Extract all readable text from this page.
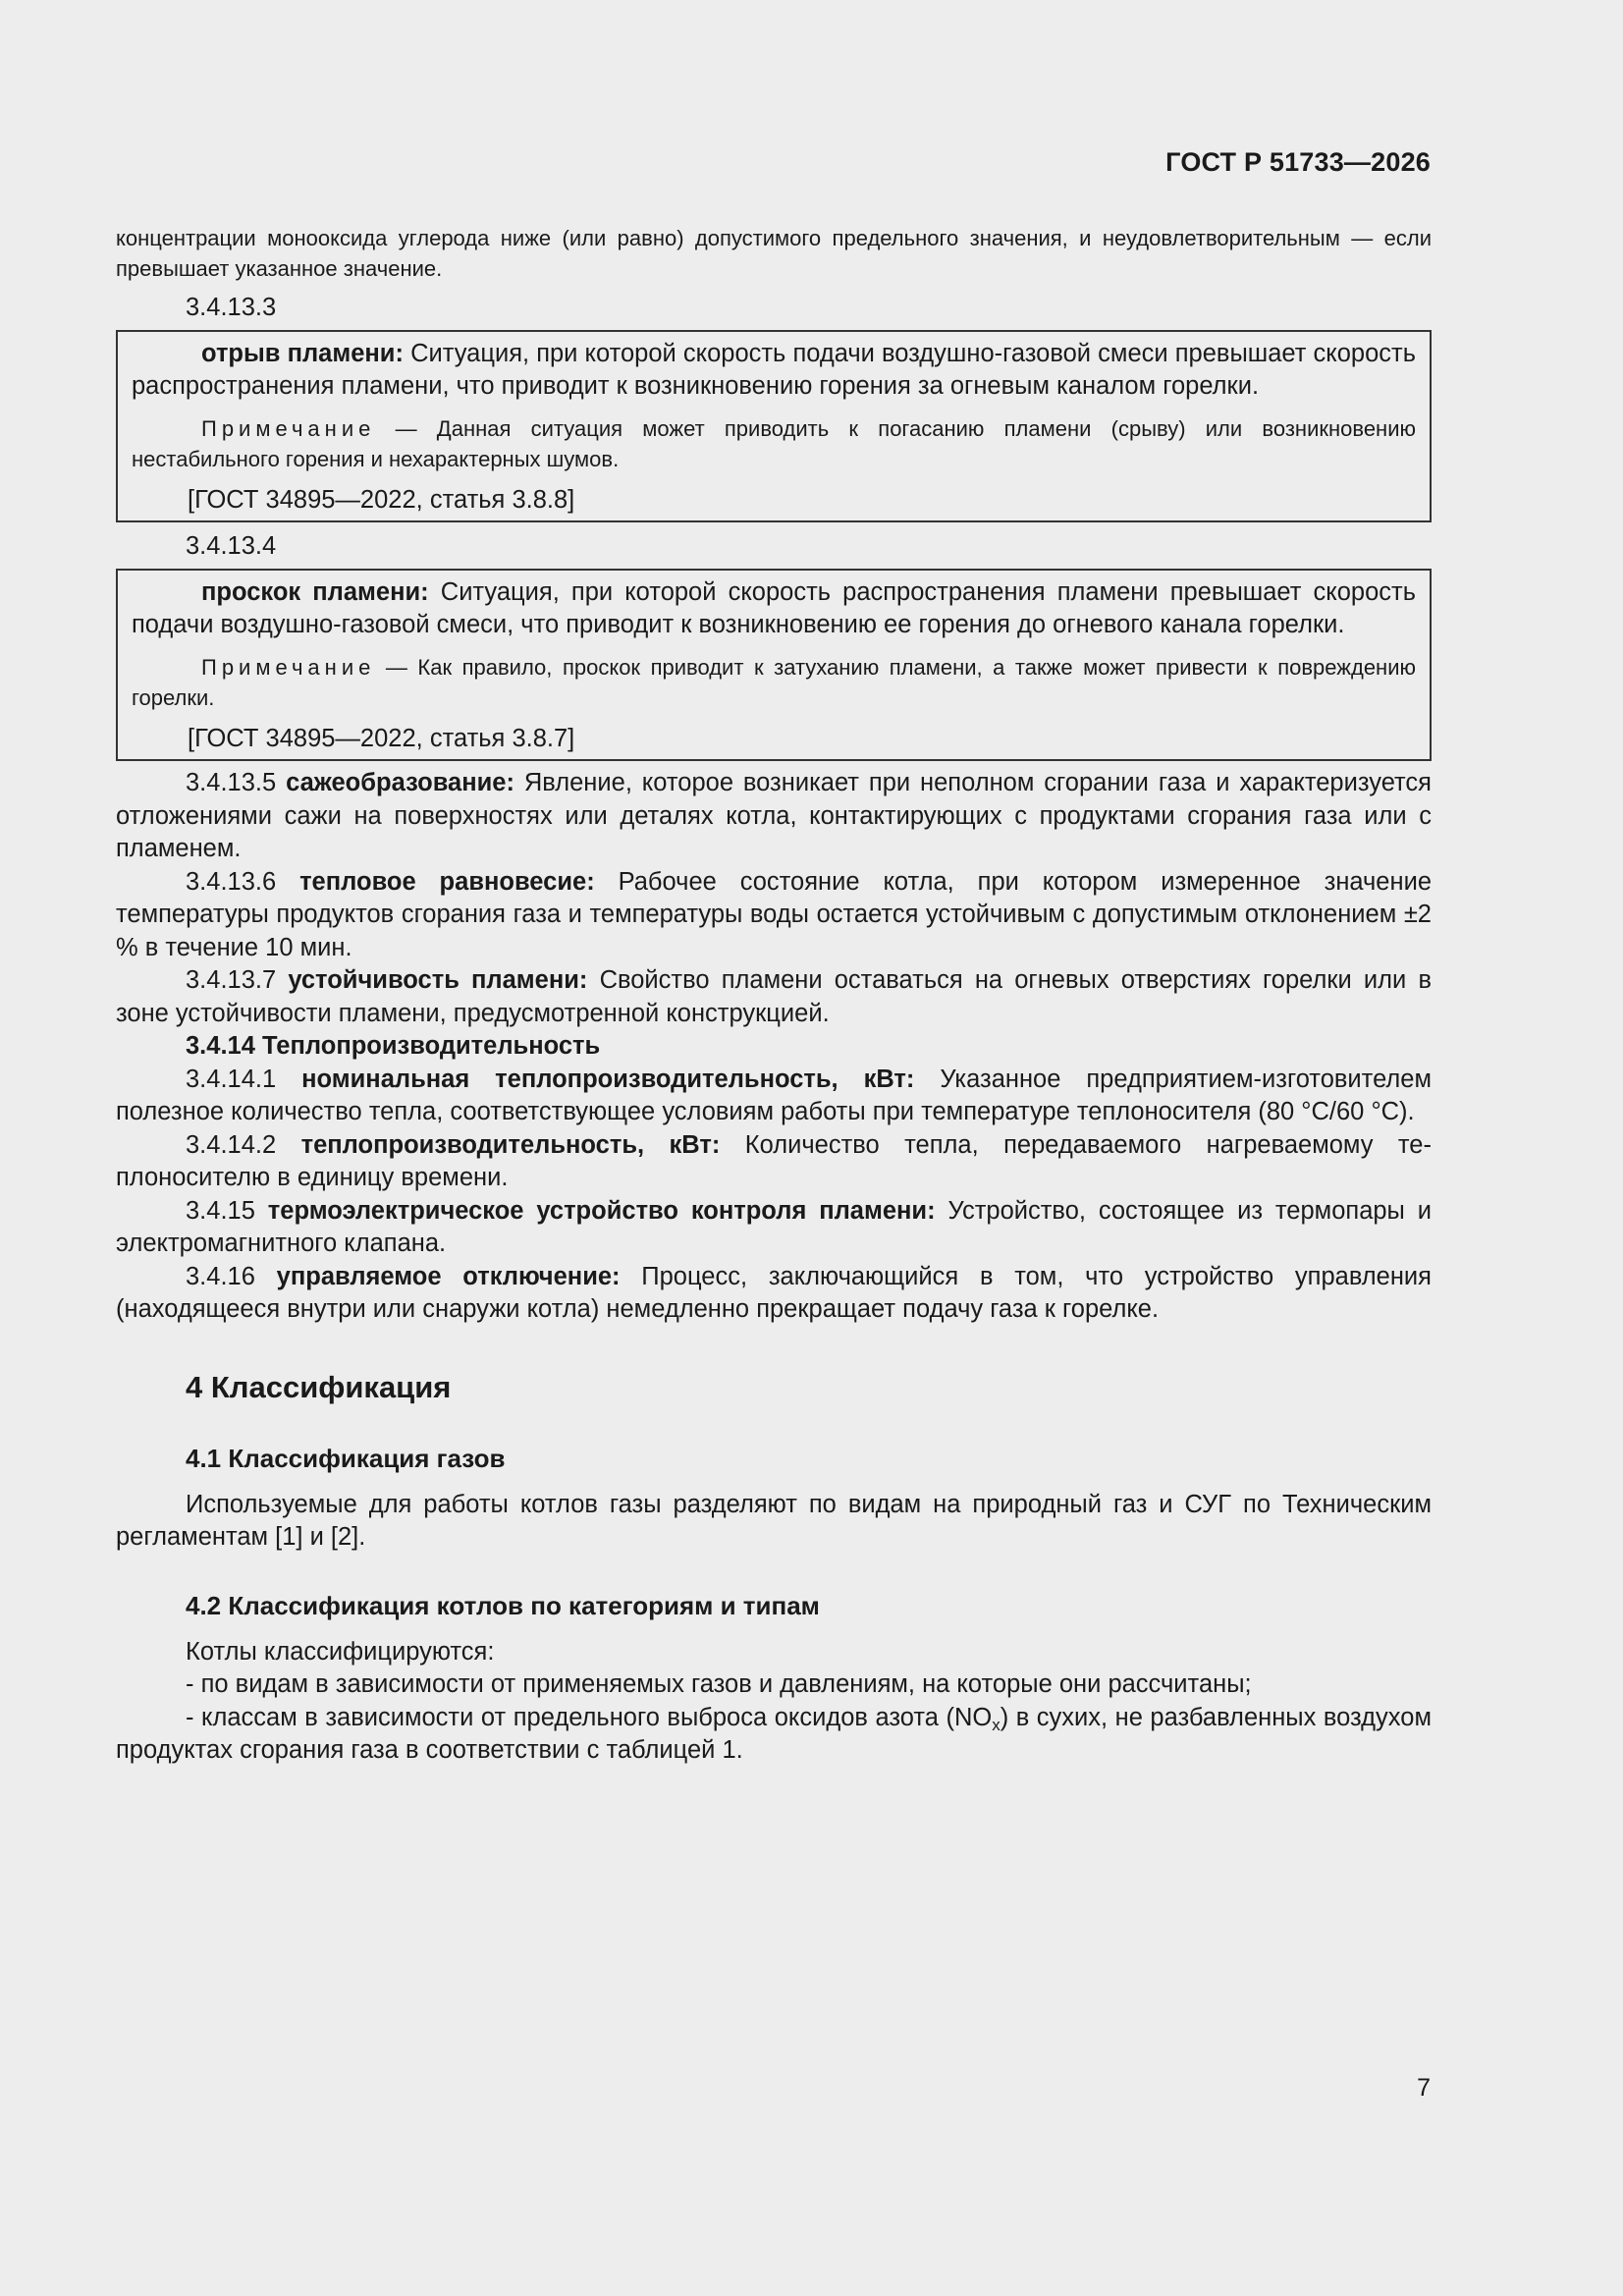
ГОСТ Р 51733—2026

концентрации монооксида углерода ниже (или равно) допустимого предельного значения, и неудовлетворительным — если превышает указанное значение.

3.4.13.3

отрыв пламени: Ситуация, при которой скорость подачи воздушно-газовой смеси превышает скорость распространения пламени, что приводит к возникновению горения за огневым каналом горелки.

Примечание — Данная ситуация может приводить к погасанию пламени (срыву) или возникновению нестабильного горения и нехарактерных шумов.

[ГОСТ 34895—2022, статья 3.8.8]

3.4.13.4

проскок пламени: Ситуация, при которой скорость распространения пламени превышает скорость подачи воздушно-газовой смеси, что приводит к возникновению ее горения до огневого канала горелки.

Примечание — Как правило, проскок приводит к затуханию пламени, а также может привести к повреждению горелки.

[ГОСТ 34895—2022, статья 3.8.7]

3.4.13.5 сажеобразование: Явление, которое возникает при неполном сгорании газа и характеризуется отложениями сажи на поверхностях или деталях котла, контактирующих с продуктами сгорания газа или с пламенем.

3.4.13.6 тепловое равновесие: Рабочее состояние котла, при котором измеренное значение температуры продуктов сгорания газа и температуры воды остается устойчивым с допустимым отклонением ±2 % в течение 10 мин.

3.4.13.7 устойчивость пламени: Свойство пламени оставаться на огневых отверстиях горелки или в зоне устойчивости пламени, предусмотренной конструкцией.

3.4.14 Теплопроизводительность

3.4.14.1 номинальная теплопроизводительность, кВт: Указанное предприятием-изготовителем полезное количество тепла, соответствующее условиям работы при температуре теплоносителя (80 °C/60 °C).

3.4.14.2 теплопроизводительность, кВт: Количество тепла, передаваемого нагреваемому теплоносителю в единицу времени.

3.4.15 термоэлектрическое устройство контроля пламени: Устройство, состоящее из термопары и электромагнитного клапана.

3.4.16 управляемое отключение: Процесс, заключающийся в том, что устройство управления (находящееся внутри или снаружи котла) немедленно прекращает подачу газа к горелке.

4 Классификация
4.1 Классификация газов

Используемые для работы котлов газы разделяют по видам на природный газ и СУГ по Техническим регламентам [1] и [2].

4.2 Классификация котлов по категориям и типам

Котлы классифицируются:

- по видам в зависимости от применяемых газов и давлениям, на которые они рассчитаны;

- классам в зависимости от предельного выброса оксидов азота $(NO_x)$ в сухих, не разбавленных воздухом продуктах сгорания газа в соответствии с таблицей 1.

7
